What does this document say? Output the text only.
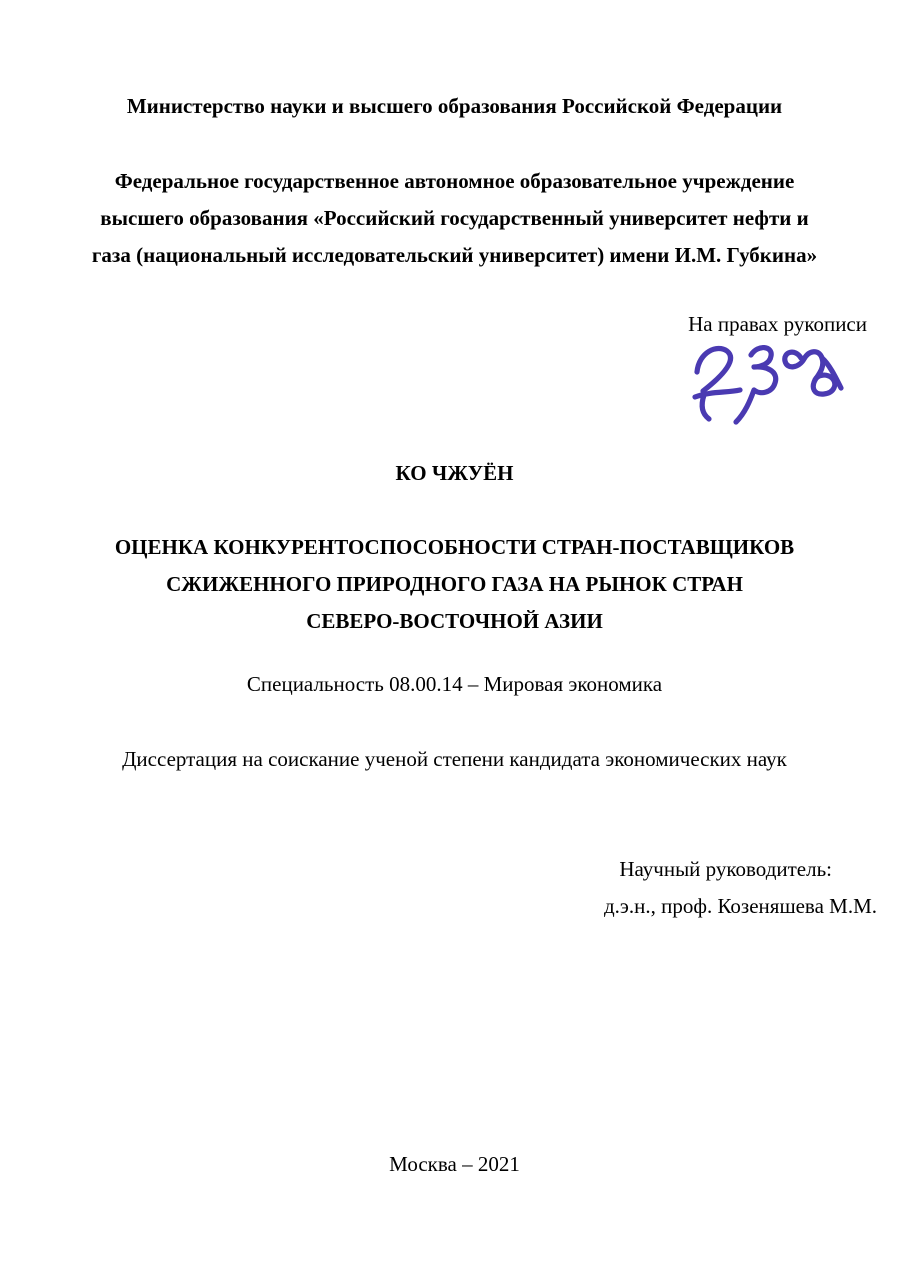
Министерство науки и высшего образования Российской Федерации
Федеральное государственное автономное образовательное учреждение
высшего образования «Российский государственный университет нефти и
газа (национальный исследовательский университет) имени И.М. Губкина»
На правах рукописи
КО ЧЖУЁН
ОЦЕНКА КОНКУРЕНТОСПОСОБНОСТИ СТРАН-ПОСТАВЩИКОВ
СЖИЖЕННОГО ПРИРОДНОГО ГАЗА НА РЫНОК СТРАН
СЕВЕРО-ВОСТОЧНОЙ АЗИИ
Специальность 08.00.14 – Мировая экономика
Диссертация на соискание ученой степени кандидата экономических наук
Научный руководитель:
д.э.н., проф. Козеняшева М.М.
Москва – 2021
